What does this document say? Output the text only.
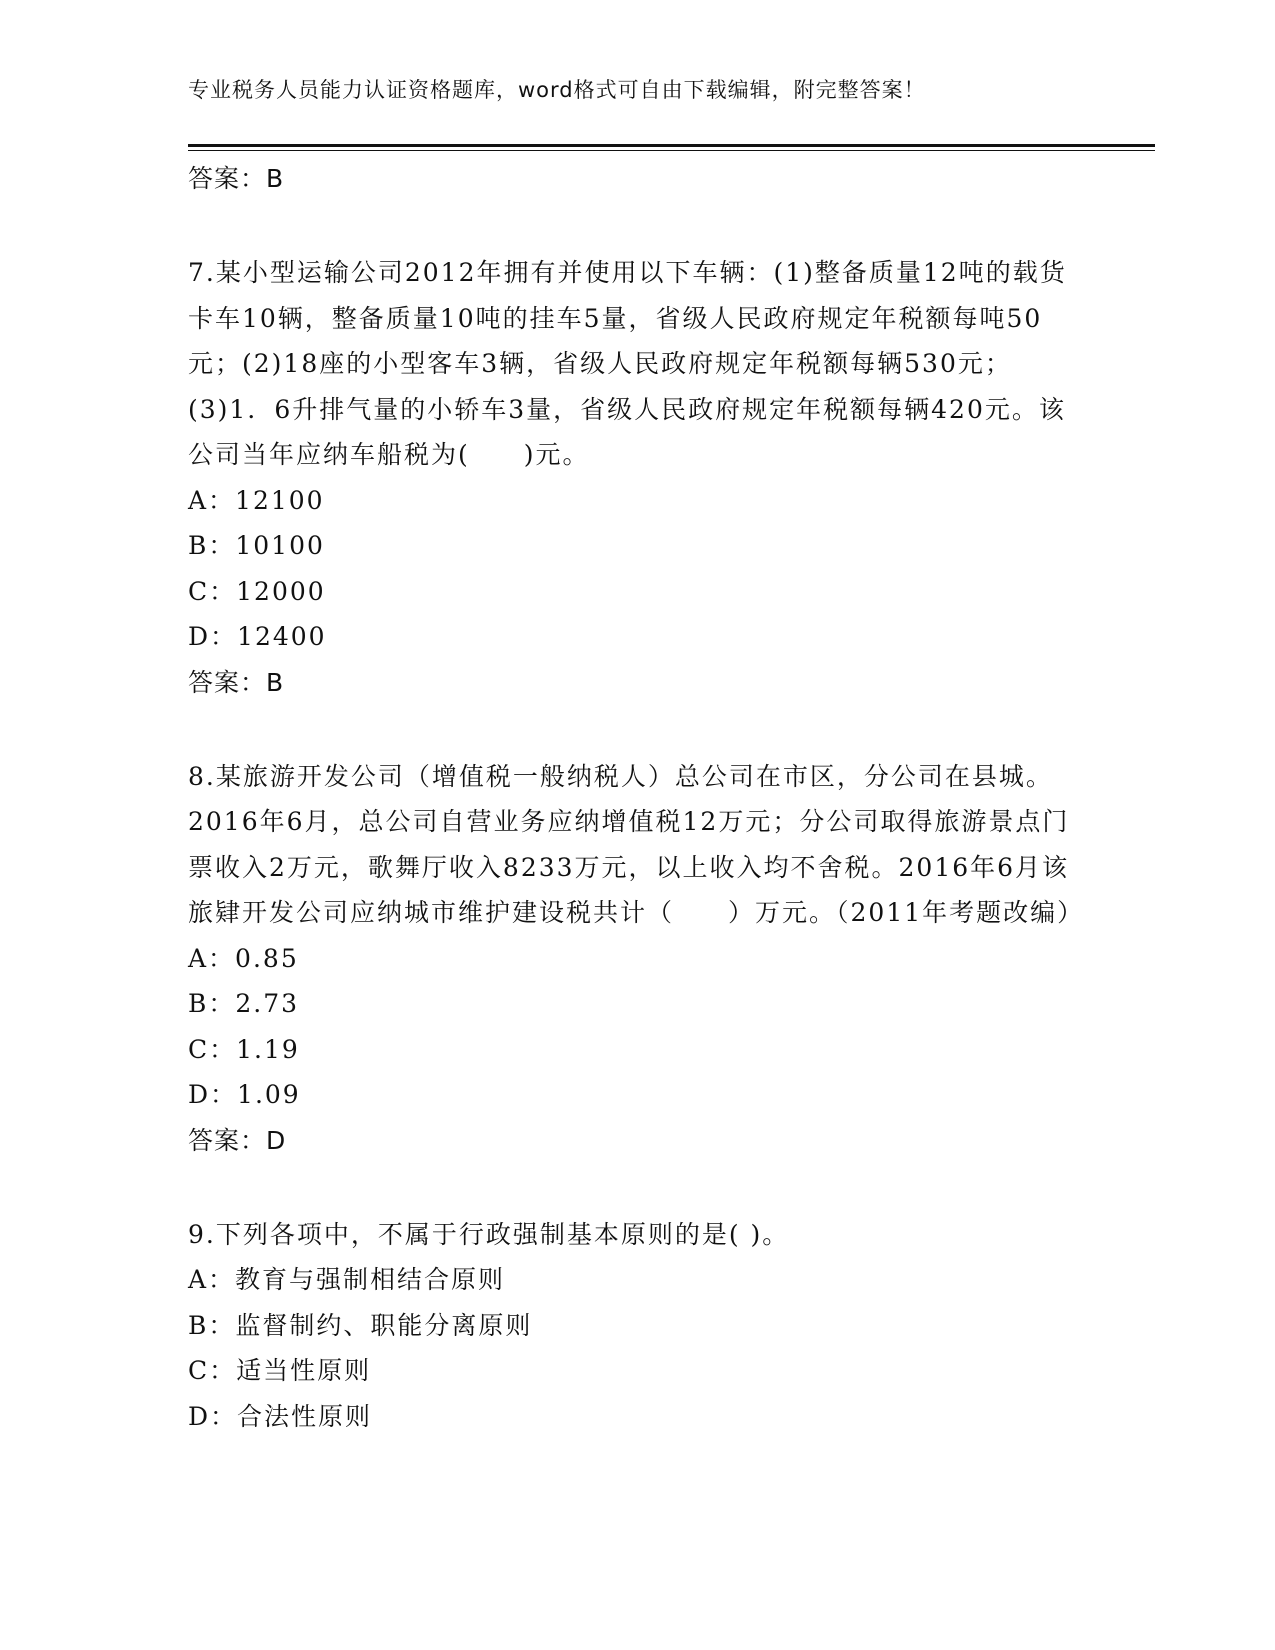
专业税务人员能力认证资格题库，word格式可自由下载编辑，附完整答案！
答案：B

7.某小型运输公司2012年拥有并使用以下车辆：(1)整备质量12吨的载货卡车10辆，整备质量10吨的挂车5量，省级人民政府规定年税额每吨50元；(2)18座的小型客车3辆，省级人民政府规定年税额每辆530元；(3)1．6升排气量的小轿车3量，省级人民政府规定年税额每辆420元。该公司当年应纳车船税为(　　)元。

A：12100
B：10100
C：12000
D：12400
答案：B

8.某旅游开发公司（增值税一般纳税人）总公司在市区，分公司在县城。2016年6月，总公司自营业务应纳增值税12万元；分公司取得旅游景点门票收入2万元，歌舞厅收入8233万元，以上收入均不舍税。2016年6月该旅肄开发公司应纳城市维护建设税共计（　　）万元。（2011年考题改编）

A：0.85
B：2.73
C：1.19
D：1.09
答案：D

9.下列各项中，不属于行政强制基本原则的是( )。

A：教育与强制相结合原则
B：监督制约、职能分离原则
C：适当性原则
D：合法性原则
